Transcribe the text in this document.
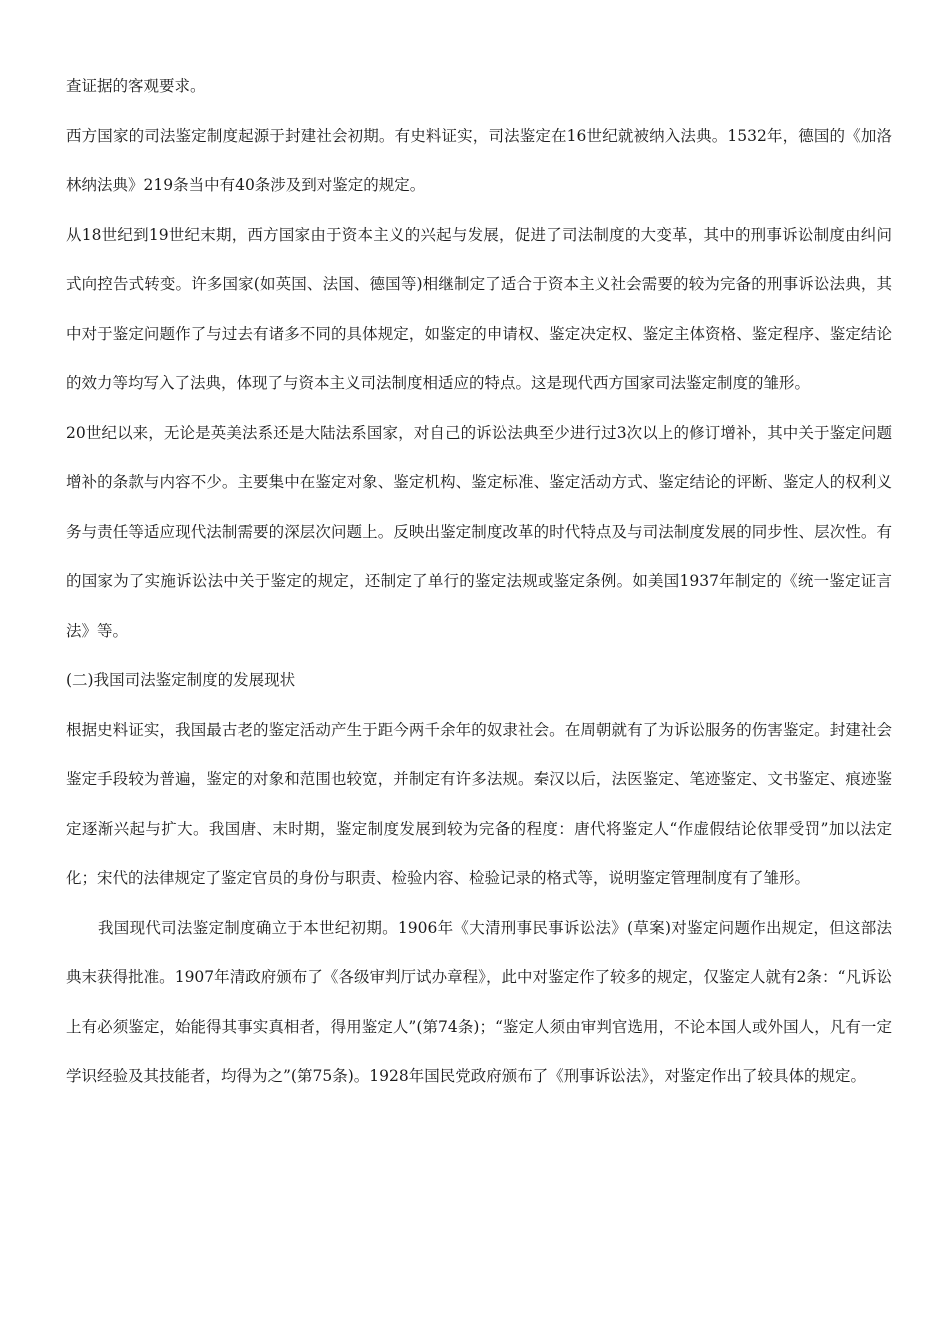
查证据的客观要求。

西方国家的司法鉴定制度起源于封建社会初期。有史料证实，司法鉴定在16世纪就被纳入法典。1532年，德国的《加洛林纳法典》219条当中有40条涉及到对鉴定的规定。

从18世纪到19世纪末期，西方国家由于资本主义的兴起与发展，促进了司法制度的大变革，其中的刑事诉讼制度由纠问式向控告式转变。许多国家(如英国、法国、德国等)相继制定了适合于资本主义社会需要的较为完备的刑事诉讼法典，其中对于鉴定问题作了与过去有诸多不同的具体规定，如鉴定的申请权、鉴定决定权、鉴定主体资格、鉴定程序、鉴定结论的效力等均写入了法典，体现了与资本主义司法制度相适应的特点。这是现代西方国家司法鉴定制度的雏形。

20世纪以来，无论是英美法系还是大陆法系国家，对自己的诉讼法典至少进行过3次以上的修订增补，其中关于鉴定问题增补的条款与内容不少。主要集中在鉴定对象、鉴定机构、鉴定标准、鉴定活动方式、鉴定结论的评断、鉴定人的权利义务与责任等适应现代法制需要的深层次问题上。反映出鉴定制度改革的时代特点及与司法制度发展的同步性、层次性。有的国家为了实施诉讼法中关于鉴定的规定，还制定了单行的鉴定法规或鉴定条例。如美国1937年制定的《统一鉴定证言法》等。

(二)我国司法鉴定制度的发展现状

根据史料证实，我国最古老的鉴定活动产生于距今两千余年的奴隶社会。在周朝就有了为诉讼服务的伤害鉴定。封建社会鉴定手段较为普遍，鉴定的对象和范围也较宽，并制定有许多法规。秦汉以后，法医鉴定、笔迹鉴定、文书鉴定、痕迹鉴定逐渐兴起与扩大。我国唐、末时期，鉴定制度发展到较为完备的程度：唐代将鉴定人“作虚假结论依罪受罚”加以法定化；宋代的法律规定了鉴定官员的身份与职责、检验内容、检验记录的格式等，说明鉴定管理制度有了雏形。

我国现代司法鉴定制度确立于本世纪初期。1906年《大清刑事民事诉讼法》(草案)对鉴定问题作出规定，但这部法典末获得批准。1907年清政府颁布了《各级审判厅试办章程》，此中对鉴定作了较多的规定，仅鉴定人就有2条：“凡诉讼上有必须鉴定，始能得其事实真相者，得用鉴定人”(第74条)；“鉴定人须由审判官选用，不论本国人或外国人，凡有一定学识经验及其技能者，均得为之”(第75条)。1928年国民党政府颁布了《刑事诉讼法》，对鉴定作出了较具体的规定。
